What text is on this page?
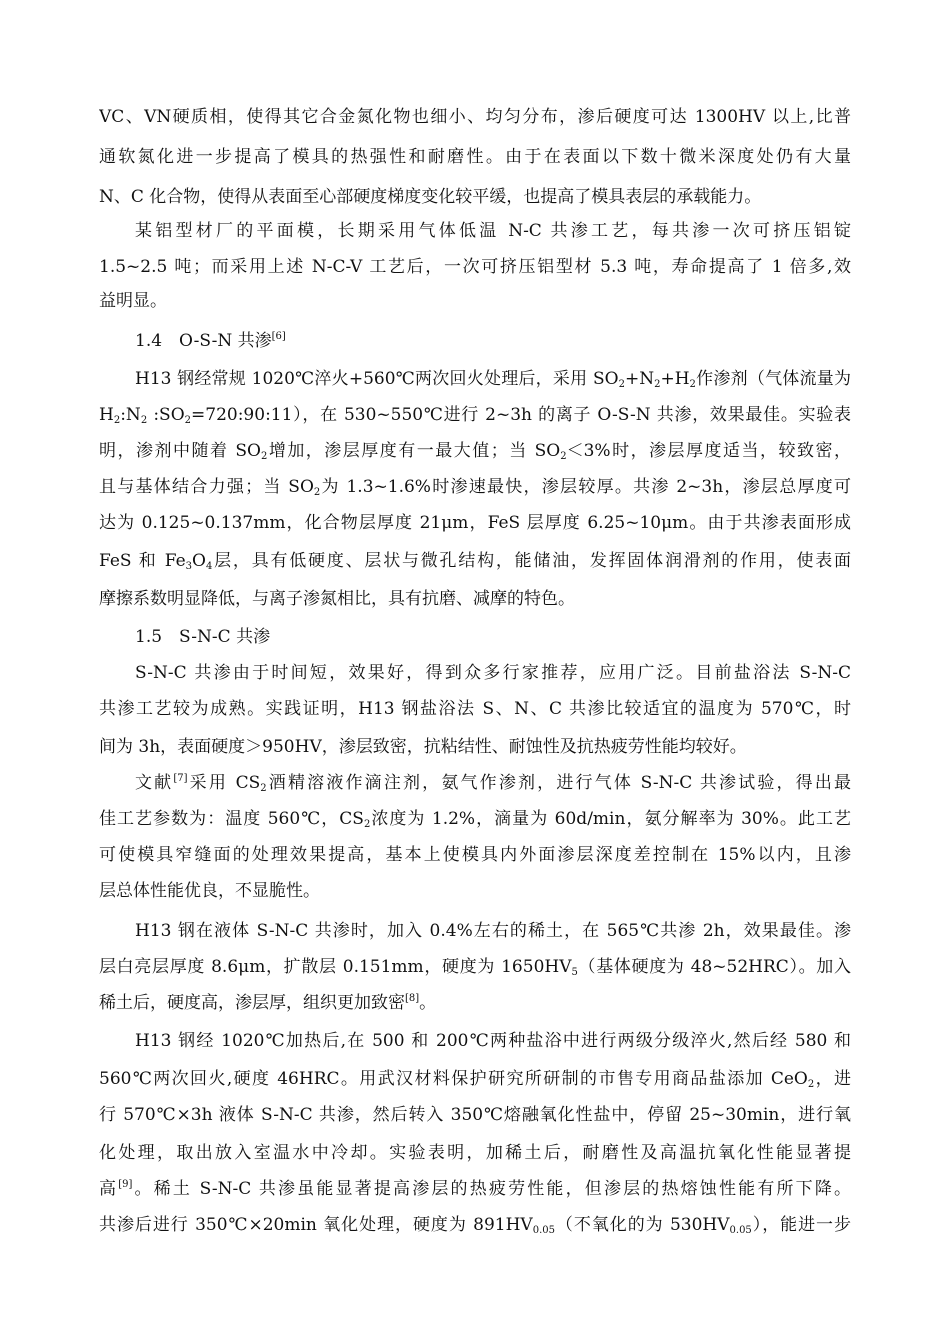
VC、VN硬质相，使得其它合金氮化物也细小、均匀分布，渗后硬度可达 1300HV 以上,比普
通软氮化进一步提高了模具的热强性和耐磨性。由于在表面以下数十微米深度处仍有大量
N、C 化合物，使得从表面至心部硬度梯度变化较平缓，也提高了模具表层的承载能力。
某铝型材厂的平面模，长期采用气体低温 N-C 共渗工艺，每共渗一次可挤压铝锭
1.5~2.5 吨；而采用上述 N-C-V 工艺后，一次可挤压铝型材 5.3 吨，寿命提高了 1 倍多,效
益明显。
1.4　O-S-N 共渗[6]
H13 钢经常规 1020℃淬火+560℃两次回火处理后，采用 $SO_2+N_2+H_2$作渗剂（气体流量为
$H_2:N_2$ $:SO_2=720:90:11$），在 530~550℃进行 2~3h 的离子 O-S-N 共渗，效果最佳。实验表
明，渗剂中随着 $SO_2$增加，渗层厚度有一最大值；当 $SO_2<3\%$时，渗层厚度适当，较致密，
且与基体结合力强；当 $SO_2$为 1.3~1.6%时渗速最快，渗层较厚。共渗 2~3h，渗层总厚度可
达为 0.125~0.137mm，化合物层厚度 21μm，FeS 层厚度 6.25~10μm。由于共渗表面形成
FeS 和 $Fe_3O_4$层，具有低硬度、层状与微孔结构，能储油，发挥固体润滑剂的作用，使表面
摩擦系数明显降低，与离子渗氮相比，具有抗磨、减摩的特色。
1.5　S-N-C 共渗
S-N-C 共渗由于时间短，效果好，得到众多行家推荐，应用广泛。目前盐浴法 S-N-C
共渗工艺较为成熟。实践证明，H13 钢盐浴法 S、N、C 共渗比较适宜的温度为 570℃，时
间为 3h，表面硬度＞950HV，渗层致密，抗粘结性、耐蚀性及抗热疲劳性能均较好。
文献[7]采用 $CS_2$酒精溶液作滴注剂，氨气作渗剂，进行气体 S-N-C 共渗试验，得出最
佳工艺参数为：温度 560℃，$CS_2$浓度为 1.2%，滴量为 60d/min，氨分解率为 30%。此工艺
可使模具窄缝面的处理效果提高，基本上使模具内外面渗层深度差控制在 15%以内，且渗
层总体性能优良，不显脆性。
H13 钢在液体 S-N-C 共渗时，加入 0.4%左右的稀土，在 565℃共渗 2h，效果最佳。渗
层白亮层厚度 8.6μm，扩散层 0.151mm，硬度为 $1650HV_5$（基体硬度为 48~52HRC）。加入
稀土后，硬度高，渗层厚，组织更加致密[8]。
H13 钢经 1020℃加热后,在 500 和 200℃两种盐浴中进行两级分级淬火,然后经 580 和
560℃两次回火,硬度 46HRC。用武汉材料保护研究所研制的市售专用商品盐添加 CeO$_2$，进
行 570℃×3h 液体 S-N-C 共渗，然后转入 350℃熔融氧化性盐中，停留 25~30min，进行氧
化处理，取出放入室温水中冷却。实验表明，加稀土后，耐磨性及高温抗氧化性能显著提
高[9]。稀土 S-N-C 共渗虽能显著提高渗层的热疲劳性能，但渗层的热熔蚀性能有所下降。
共渗后进行 350℃×20min 氧化处理，硬度为 $891HV_{0.05}$（不氧化的为 $530HV_{0.05}$），能进一步
